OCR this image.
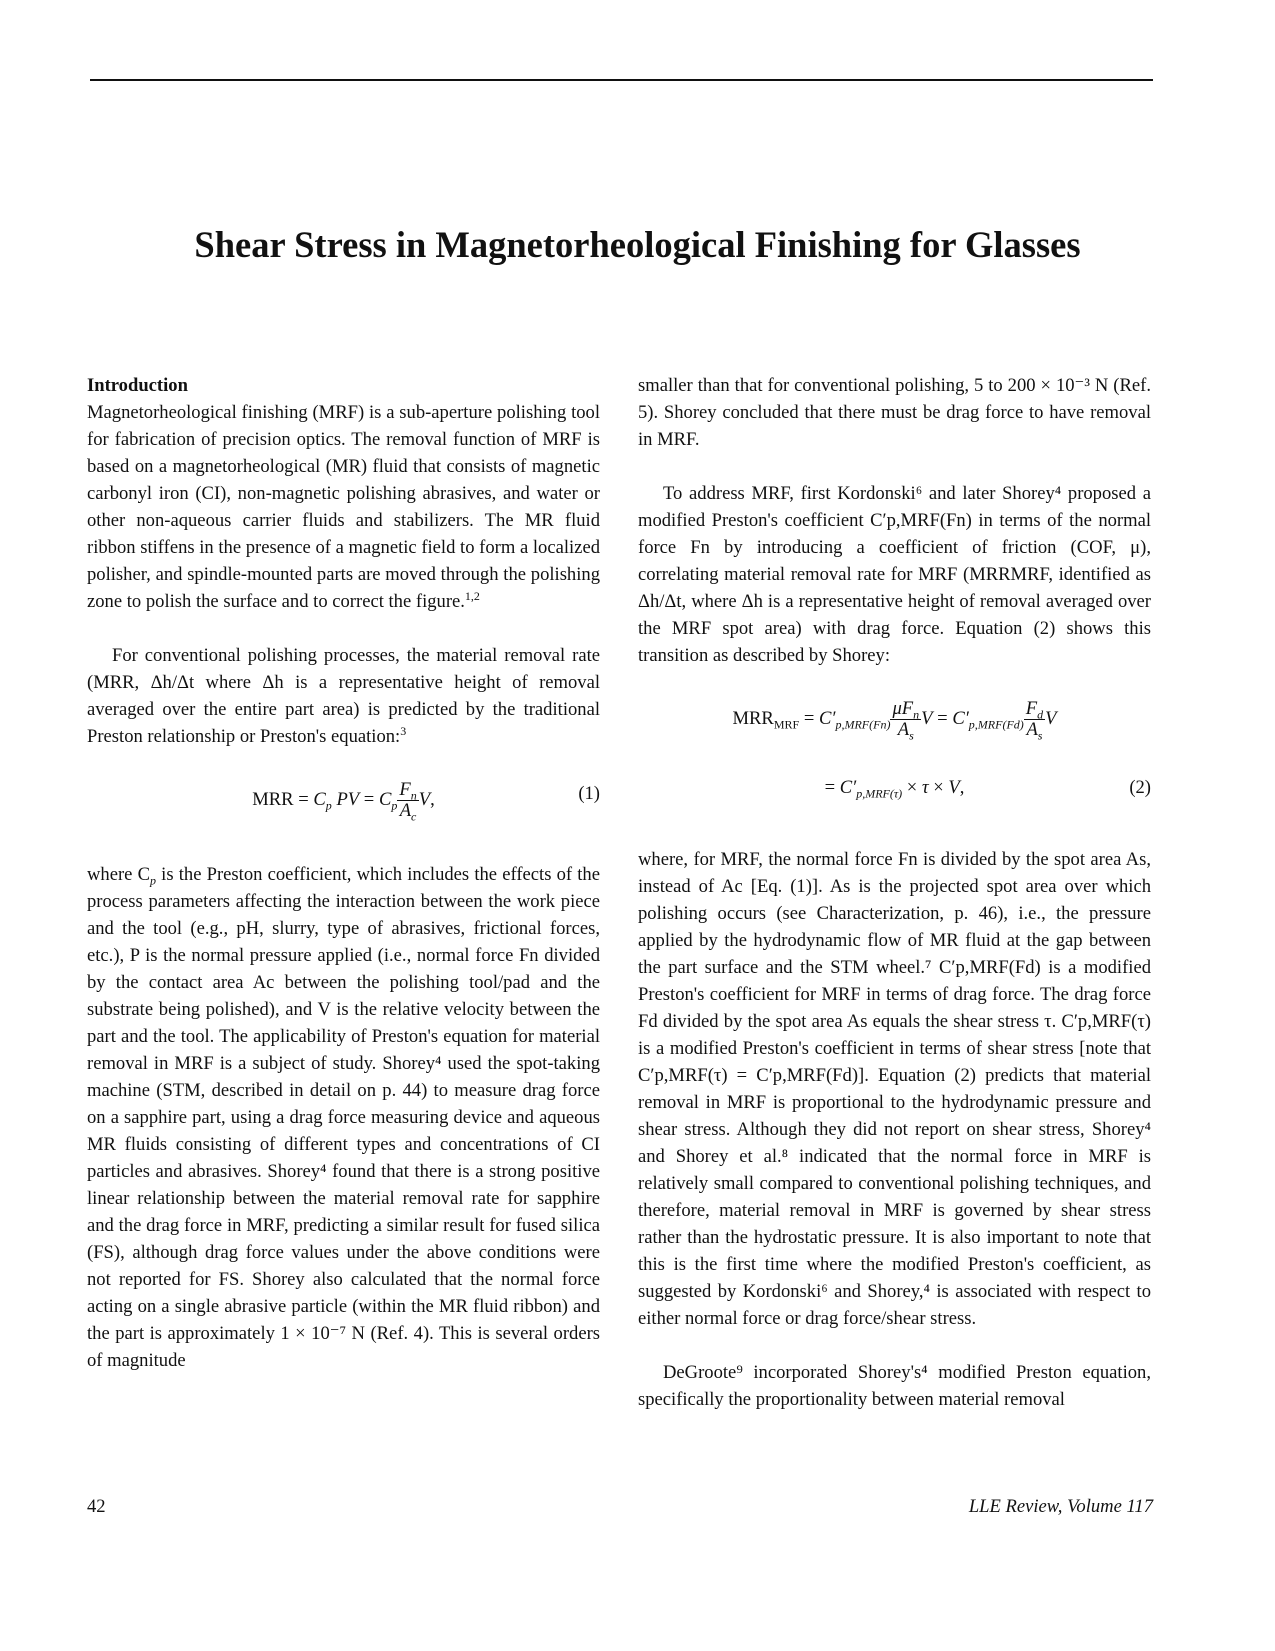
Shear Stress in Magnetorheological Finishing for Glasses

Introduction

Magnetorheological finishing (MRF) is a sub-aperture polishing tool for fabrication of precision optics. The removal function of MRF is based on a magnetorheological (MR) fluid that consists of magnetic carbonyl iron (CI), non-magnetic polishing abrasives, and water or other non-aqueous carrier fluids and stabilizers. The MR fluid ribbon stiffens in the presence of a magnetic field to form a localized polisher, and spindle-mounted parts are moved through the polishing zone to polish the surface and to correct the figure.$^{1,2}$

For conventional polishing processes, the material removal rate (MRR, Δh/Δt where Δh is a representative height of removal averaged over the entire part area) is predicted by the traditional Preston relationship or Preston's equation:$^3$

MRR = $C_p$ PV = $C_p \frac{F_n}{A_c} V$,	(1)

where $C_p$ is the Preston coefficient, which includes the effects of the process parameters affecting the interaction between the work piece and the tool (e.g., pH, slurry, type of abrasives, frictional forces, etc.), P is the normal pressure applied (i.e., normal force Fn divided by the contact area Ac between the polishing tool/pad and the substrate being polished), and V is the relative velocity between the part and the tool. The applicability of Preston's equation for material removal in MRF is a subject of study. Shorey⁴ used the spot-taking machine (STM, described in detail on p. 44) to measure drag force on a sapphire part, using a drag force measuring device and aqueous MR fluids consisting of different types and concentrations of CI particles and abrasives. Shorey⁴ found that there is a strong positive linear relationship between the material removal rate for sapphire and the drag force in MRF, predicting a similar result for fused silica (FS), although drag force values under the above conditions were not reported for FS. Shorey also calculated that the normal force acting on a single abrasive particle (within the MR fluid ribbon) and the part is approximately 1 × 10⁻⁷ N (Ref. 4). This is several orders of magnitude

smaller than that for conventional polishing, 5 to 200 × 10⁻³ N (Ref. 5). Shorey concluded that there must be drag force to have removal in MRF.

To address MRF, first Kordonski⁶ and later Shorey⁴ proposed a modified Preston's coefficient C′p,MRF(Fn) in terms of the normal force Fn by introducing a coefficient of friction (COF, μ), correlating material removal rate for MRF (MRRMRF, identified as Δh/Δt, where Δh is a representative height of removal averaged over the MRF spot area) with drag force. Equation (2) shows this transition as described by Shorey:

$MRR_{MRF} = C'_{p,MRF(Fn)} \frac{\mu F_n}{A_s}$ $V = C'_{p,MRF(Fd)} \frac{F_d}{A_s}$ V
= $C'_{p,MRF(\tau)} \times \tau \times V$,	(2)

where, for MRF, the normal force Fn is divided by the spot area As, instead of Ac [Eq. (1)]. As is the projected spot area over which polishing occurs (see Characterization, p. 46), i.e., the pressure applied by the hydrodynamic flow of MR fluid at the gap between the part surface and the STM wheel.⁷ C′p,MRF(Fd) is a modified Preston's coefficient for MRF in terms of drag force. The drag force Fd divided by the spot area As equals the shear stress τ. C′p,MRF(τ) is a modified Preston's coefficient in terms of shear stress [note that C′p,MRF(τ) = C′p,MRF(Fd)]. Equation (2) predicts that material removal in MRF is proportional to the hydrodynamic pressure and shear stress. Although they did not report on shear stress, Shorey⁴ and Shorey et al.⁸ indicated that the normal force in MRF is relatively small compared to conventional polishing techniques, and therefore, material removal in MRF is governed by shear stress rather than the hydrostatic pressure. It is also important to note that this is the first time where the modified Preston's coefficient, as suggested by Kordonski⁶ and Shorey,⁴ is associated with respect to either normal force or drag force/shear stress.

DeGroote⁹ incorporated Shorey's⁴ modified Preston equation, specifically the proportionality between material removal

42	LLE Review, Volume 117
